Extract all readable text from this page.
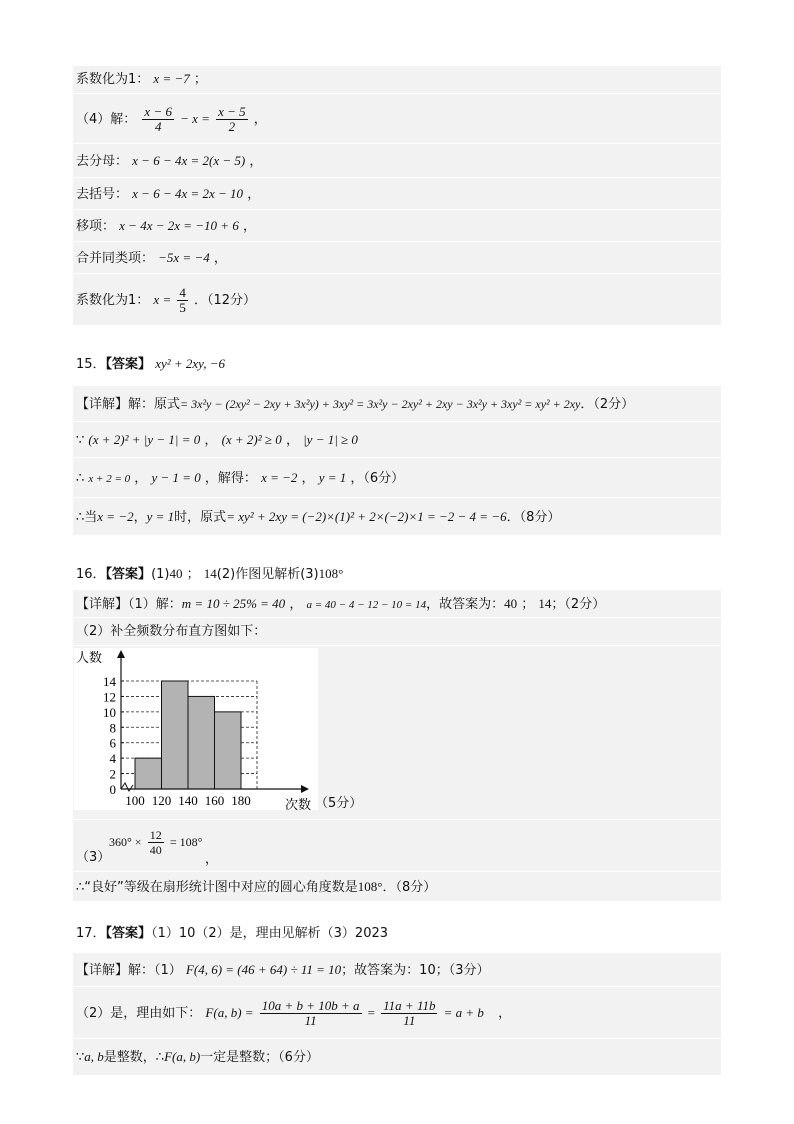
系数化为1： x = −7 ；
（4）解： $\frac{x - 6}{4} - x = \frac{x - 5}{2}$ ，
去分母： x − 6 − 4x = 2(x − 5) ，
去括号： x − 6 − 4x = 2x − 10 ，
移项： x − 4x − 2x = −10 + 6 ，
合并同类项： −5x = −4 ，
系数化为1： $x = \frac{4}{5}$ ．（12分）
15．【答案】 xy² + 2xy, −6
【详解】解：原式= 3x²y − (2xy² − 2xy + 3x²y) + 3xy² = 3x²y − 2xy² + 2xy − 3x²y + 3xy² = xy² + 2xy．（2分）
∵ (x + 2)² + |y − 1| = 0 ， (x + 2)² ≥ 0 ， |y − 1| ≥ 0
∴ x + 2 = 0 ， y − 1 = 0 ，解得： x = −2 ， y = 1 ，（6分）
∴当x = −2，y = 1时，原式= xy² + 2xy = (−2)×(1)² + 2×(−2)×1 = −2 − 4 = −6．（8分）
16．【答案】(1)40 ； 14(2)作图见解析(3)108°
【详解】（1）解：m = 10 ÷ 25% = 40 ， a = 40 − 4 − 12 − 10 = 14，故答案为：40 ； 14；（2分）
（2）补全频数分布直方图如下：
0
2
4
6
8
10
12
14
100 120 140 160 180
人数
次数 （5分）
（3）
$360^\circ \times \frac{12}{40} = 108^\circ$
，
∴“良好”等级在扇形统计图中对应的圆心角度数是108°．（8分）
17．【答案】（1）10（2）是，理由见解析（3）2023
【详解】解：（1） F(4, 6) = (46 + 64) ÷ 11 = 10；故答案为：10；（3分）
（2）是，理由如下： F(a, $b) = \frac{10a + b + 10b + a}{11} = \frac{11a + 11b}{11} = a + b$ ，
∵a, b是整数，∴F(a, b)一定是整数；（6分）
